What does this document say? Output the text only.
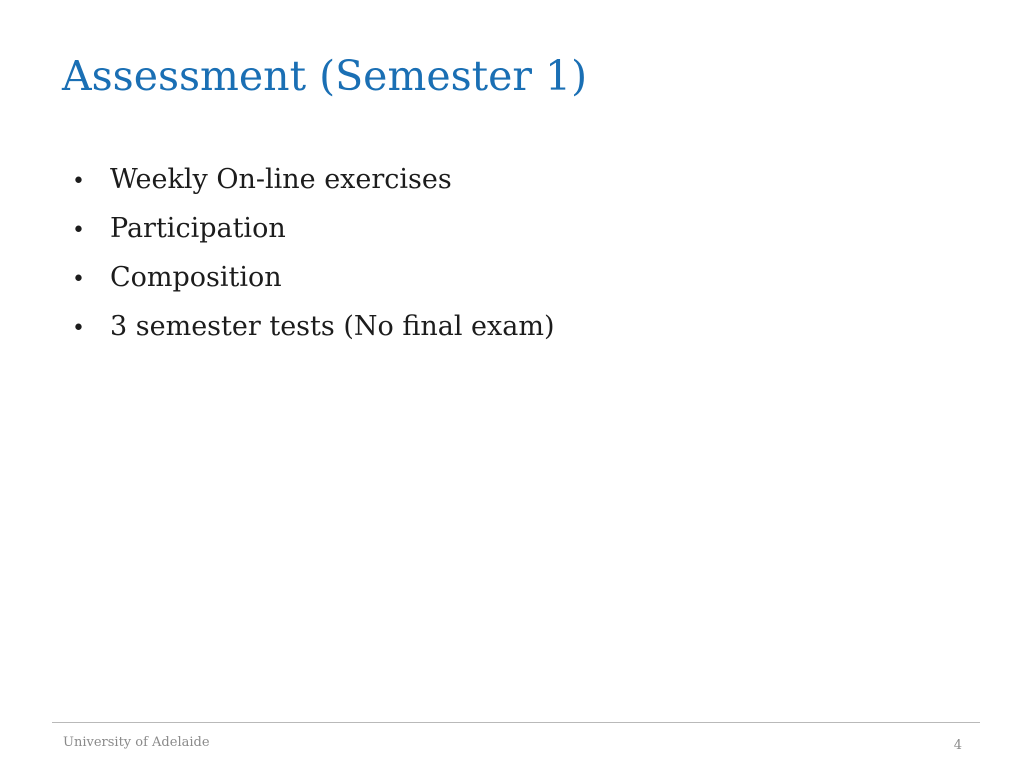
Assessment (Semester 1)
• Weekly On-line exercises
• Participation
• Composition
• 3 semester tests (No final exam)
University of Adelaide	4
